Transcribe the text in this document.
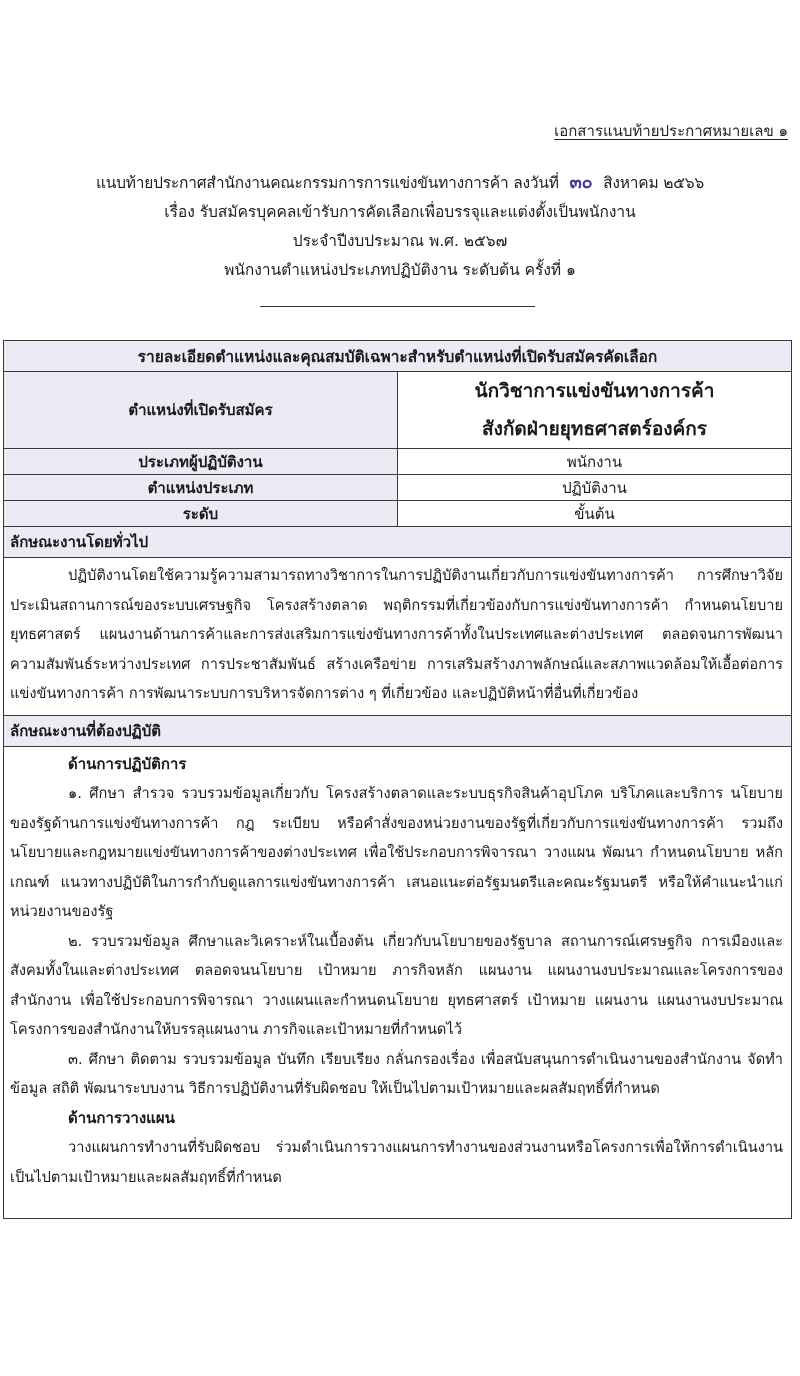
เอกสารแนบท้ายประกาศหมายเลข ๑
แนบท้ายประกาศสำนักงานคณะกรรมการการแข่งขันทางการค้า ลงวันที่ ๓๐ สิงหาคม ๒๕๖๖
เรื่อง รับสมัครบุคคลเข้ารับการคัดเลือกเพื่อบรรจุและแต่งตั้งเป็นพนักงาน
ประจำปีงบประมาณ พ.ศ. ๒๕๖๗
พนักงานตำแหน่งประเภทปฏิบัติงาน ระดับต้น ครั้งที่ ๑
รายละเอียดตำแหน่งและคุณสมบัติเฉพาะสำหรับตำแหน่งที่เปิดรับสมัครคัดเลือก	
ตำแหน่งที่เปิดรับสมัคร	นักวิชาการแข่งขันทางการค้า
สังกัดฝ่ายยุทธศาสตร์องค์กร

ประเภทผู้ปฏิบัติงาน	พนักงาน
ตำแหน่งประเภท	ปฏิบัติงาน
ระดับ	ขั้นต้น
ลักษณะงานโดยทั่วไป	

ปฏิบัติงานโดยใช้ความรู้ความสามารถทางวิชาการในการปฏิบัติงานเกี่ยวกับการแข่งขันทางการค้า การศึกษาวิจัย ประเมินสถานการณ์ของระบบเศรษฐกิจ โครงสร้างตลาด พฤติกรรมที่เกี่ยวข้องกับการแข่งขันทางการค้า กำหนดนโยบายยุทธศาสตร์ แผนงานด้านการค้าและการส่งเสริมการแข่งขันทางการค้าทั้งในประเทศและต่างประเทศ ตลอดจนการพัฒนาความสัมพันธ์ระหว่างประเทศ การประชาสัมพันธ์ สร้างเครือข่าย การเสริมสร้างภาพลักษณ์และสภาพแวดล้อมให้เอื้อต่อการแข่งขันทางการค้า การพัฒนาระบบการบริหารจัดการต่าง ๆ ที่เกี่ยวข้อง และปฏิบัติหน้าที่อื่นที่เกี่ยวข้อง	

ลักษณะงานที่ต้องปฏิบัติ	

ด้านการปฏิบัติการ

๑. ศึกษา สำรวจ รวบรวมข้อมูลเกี่ยวกับ โครงสร้างตลาดและระบบธุรกิจสินค้าอุปโภค บริโภคและบริการ นโยบายของรัฐด้านการแข่งขันทางการค้า กฎ ระเบียบ หรือคำสั่งของหน่วยงานของรัฐที่เกี่ยวกับการแข่งขันทางการค้า รวมถึงนโยบายและกฎหมายแข่งขันทางการค้าของต่างประเทศ เพื่อใช้ประกอบการพิจารณา วางแผน พัฒนา กำหนดนโยบาย หลักเกณฑ์ แนวทางปฏิบัติในการกำกับดูแลการแข่งขันทางการค้า เสนอแนะต่อรัฐมนตรีและคณะรัฐมนตรี หรือให้คำแนะนำแก่หน่วยงานของรัฐ

๒. รวบรวมข้อมูล ศึกษาและวิเคราะห์ในเบื้องต้น เกี่ยวกับนโยบายของรัฐบาล สถานการณ์เศรษฐกิจ การเมืองและสังคมทั้งในและต่างประเทศ ตลอดจนนโยบาย เป้าหมาย ภารกิจหลัก แผนงาน แผนงานงบประมาณและโครงการของสำนักงาน เพื่อใช้ประกอบการพิจารณา วางแผนและกำหนดนโยบาย ยุทธศาสตร์ เป้าหมาย แผนงาน แผนงานงบประมาณ โครงการของสำนักงานให้บรรลุแผนงาน ภารกิจและเป้าหมายที่กำหนดไว้

๓. ศึกษา ติดตาม รวบรวมข้อมูล บันทึก เรียบเรียง กลั่นกรองเรื่อง เพื่อสนับสนุนการดำเนินงานของสำนักงาน จัดทำข้อมูล สถิติ พัฒนาระบบงาน วิธีการปฏิบัติงานที่รับผิดชอบ ให้เป็นไปตามเป้าหมายและผลสัมฤทธิ์ที่กำหนด

ด้านการวางแผน

วางแผนการทำงานที่รับผิดชอบ ร่วมดำเนินการวางแผนการทำงานของส่วนงานหรือโครงการเพื่อให้การดำเนินงานเป็นไปตามเป้าหมายและผลสัมฤทธิ์ที่กำหนด
